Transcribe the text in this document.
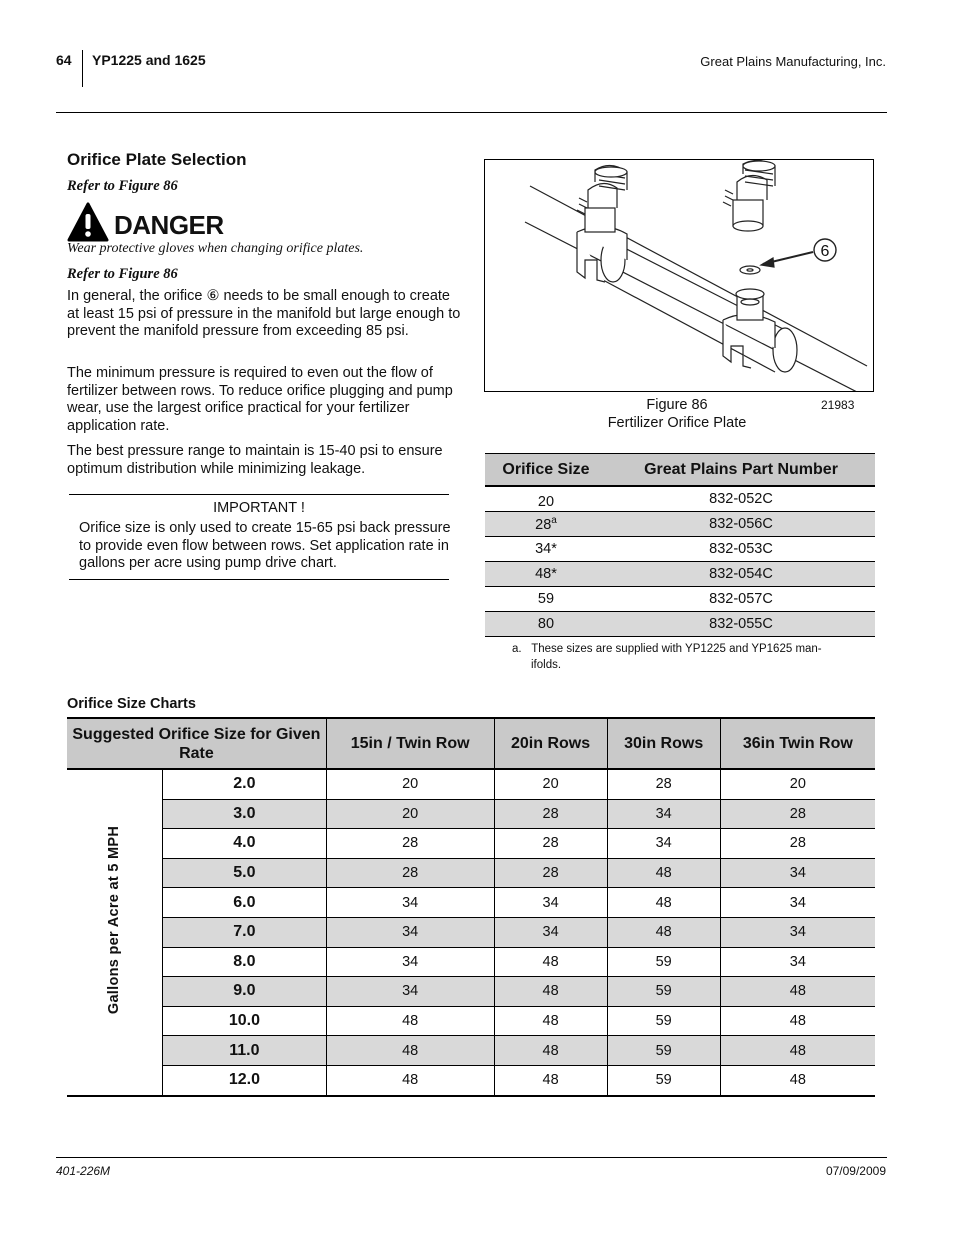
64 YP1225 and 1625	Great Plains Manufacturing, Inc.
Orifice Plate Selection
Refer to Figure 86
DANGER
Wear protective gloves when changing orifice plates.
Refer to Figure 86
In general, the orifice ⑥ needs to be small enough to create at least 15 psi of pressure in the manifold but large enough to prevent the manifold pressure from exceeding 85 psi.
The minimum pressure is required to even out the flow of fertilizer between rows. To reduce orifice plugging and pump wear, use the largest orifice practical for your fertilizer application rate.
The best pressure range to maintain is 15-40 psi to ensure optimum distribution while minimizing leakage.
IMPORTANT !
Orifice size is only used to create 15-65 psi back pressure to provide even flow between rows. Set application rate in gallons per acre using pump drive chart.
6
Figure 86
Fertilizer Orifice Plate
21983
Orifice Size	Great Plains Part Number
20	832-052C
28$^a$	832-056C
34*	832-053C
48*	832-054C
59	832-057C
80	832-055C
a. These sizes are supplied with YP1225 and YP1625 man-
ifolds.
Orifice Size Charts
Suggested Orifice Size for Given Rate		15in / Twin Row	20in Rows	30in Rows	36in Twin Row

Gallons per Acre at 5 MPH	2.0	20	20	28	20
	3.0	20	28	34	28
	4.0	28	28	34	28
	5.0	28	28	48	34
	6.0	34	34	48	34
	7.0	34	34	48	34
	8.0	34	48	59	34
	9.0	34	48	59	48
	10.0	48	48	59	48
	11.0	48	48	59	48
	12.0	48	48	59	48
401-226M	07/09/2009
